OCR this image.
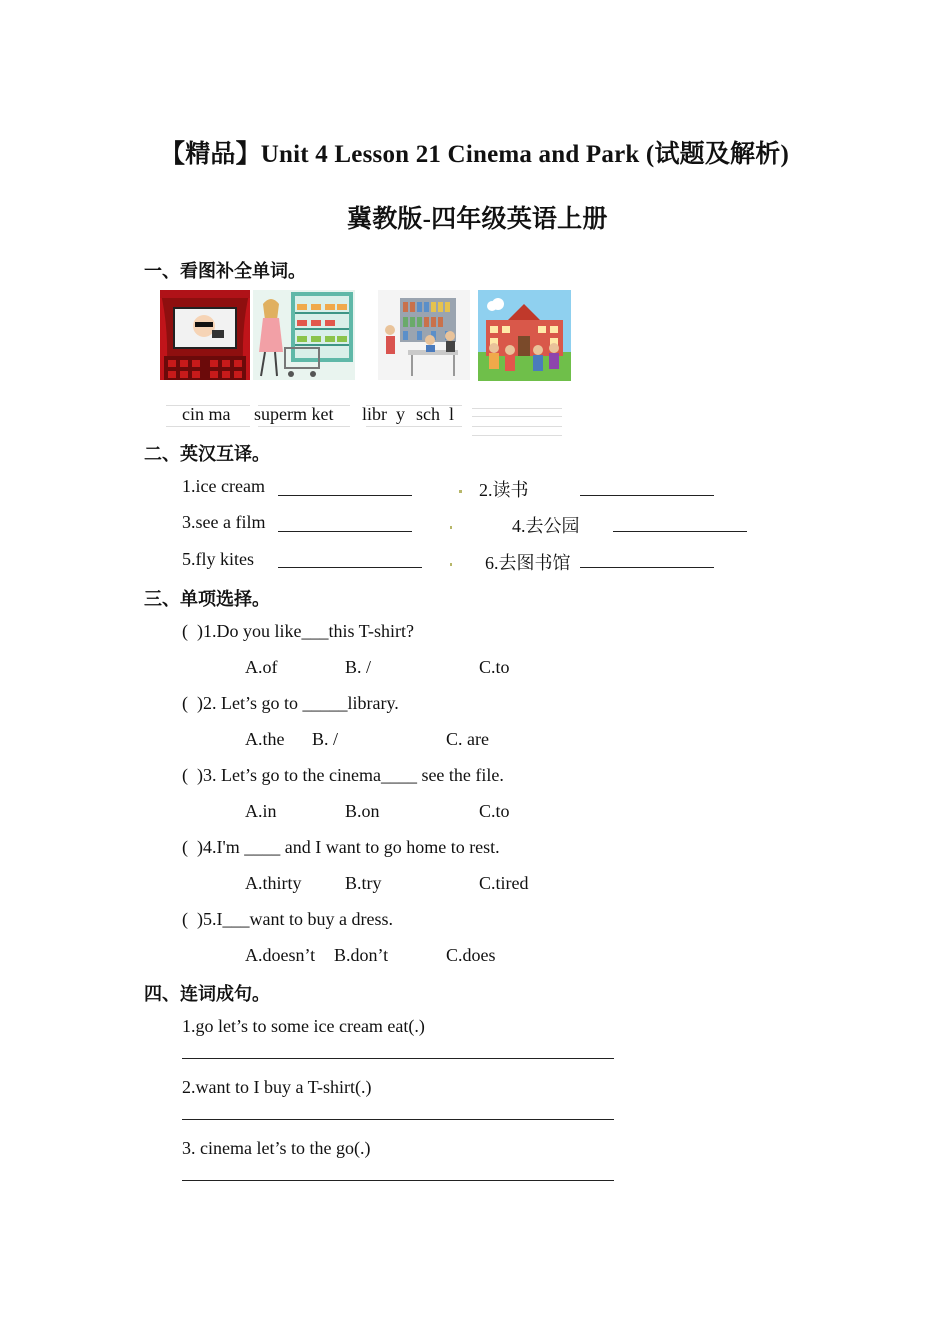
【精品】Unit 4 Lesson 21 Cinema and Park (试题及解析)
冀教版-四年级英语上册
一、看图补全单词。
cin ma superm ket libr  y sch  l
二、英汉互译。
1.ice cream	2.读书
3.see a film	4.去公园
5.fly kites	6.去图书馆
三、单项选择。
(  )1.Do you like___this T-shirt?
A.of	B. /	C.to
(  )2. Let’s go to _____library.
A.the B. /	C. are
(  )3. Let’s go to the cinema____ see the file.
A.in	B.on	C.to
(  )4.I'm ____ and I want to go home to rest.
A.thirty B.try	C.tired
(  )5.I___want to buy a dress.
A.doesn’t B.don’t	C.does
四、连词成句。
1.go let’s to some ice cream eat(.)
2.want to I buy a T-shirt(.)
3. cinema let’s to the go(.)
